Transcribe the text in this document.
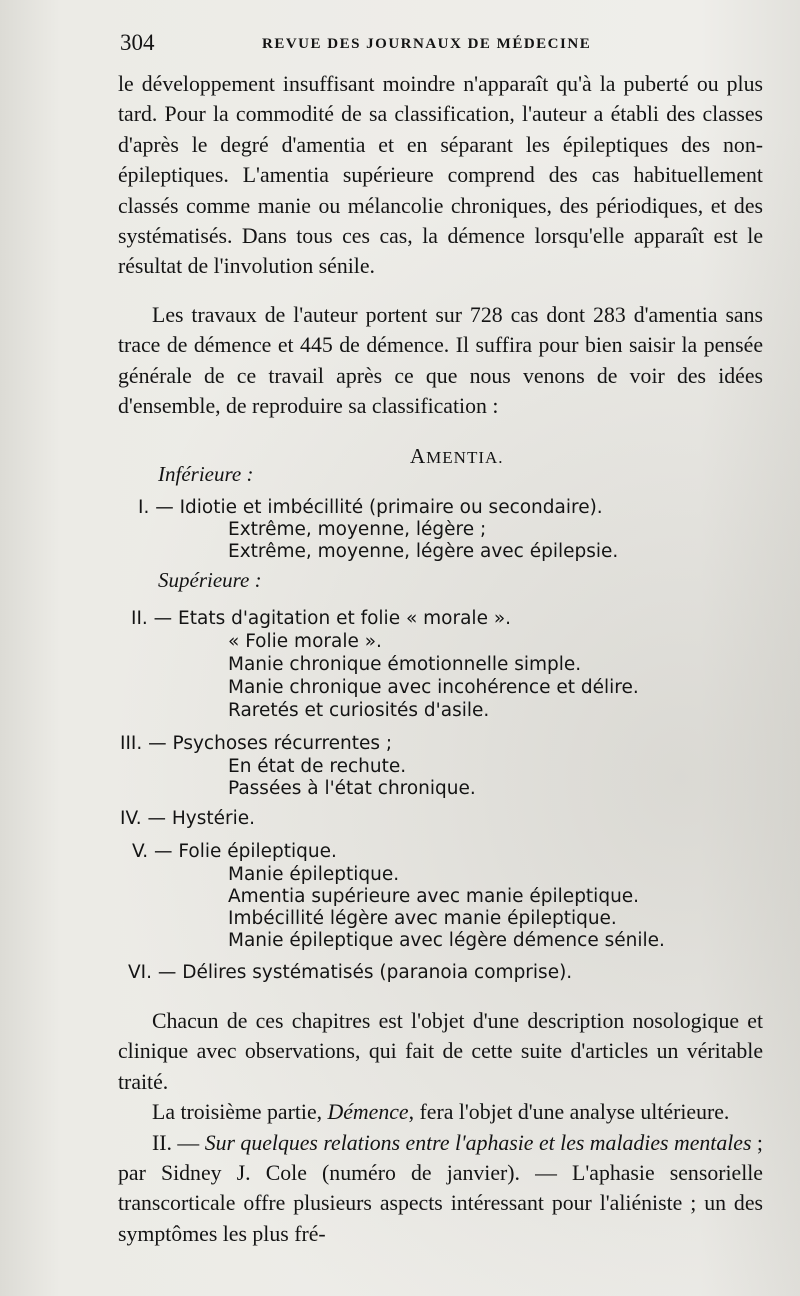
304	REVUE DES JOURNAUX DE MÉDECINE

le développement insuffisant moindre n'apparaît qu'à la puberté ou plus tard. Pour la commodité de sa classification, l'auteur a établi des classes d'après le degré d'amentia et en séparant les épileptiques des non-épileptiques. L'amentia supérieure comprend des cas habituellement classés comme manie ou mélancolie chroniques, des périodiques, et des systématisés. Dans tous ces cas, la démence lorsqu'elle apparaît est le résultat de l'involution sénile.

Les travaux de l'auteur portent sur 728 cas dont 283 d'amentia sans trace de démence et 445 de démence. Il suffira pour bien saisir la pensée générale de ce travail après ce que nous venons de voir des idées d'ensemble, de reproduire sa classification :

AMENTIA.
Inférieure :
I. — Idiotie et imbécillité (primaire ou secondaire).
Extrême, moyenne, légère ;
Extrême, moyenne, légère avec épilepsie.
Supérieure :
II. — Etats d'agitation et folie « morale ».
« Folie morale ».
Manie chronique émotionnelle simple.
Manie chronique avec incohérence et délire.
Raretés et curiosités d'asile.
III. — Psychoses récurrentes ;
En état de rechute.
Passées à l'état chronique.
IV. — Hystérie.
V. — Folie épileptique.
Manie épileptique.
Amentia supérieure avec manie épileptique.
Imbécillité légère avec manie épileptique.
Manie épileptique avec légère démence sénile.
VI. — Délires systématisés (paranoia comprise).

Chacun de ces chapitres est l'objet d'une description nosologique et clinique avec observations, qui fait de cette suite d'articles un véritable traité.

La troisième partie, Démence, fera l'objet d'une analyse ultérieure.

II. — Sur quelques relations entre l'aphasie et les maladies mentales ; par Sidney J. Cole (numéro de janvier). — L'aphasie sensorielle transcorticale offre plusieurs aspects intéressant pour l'aliéniste ; un des symptômes les plus fré-
